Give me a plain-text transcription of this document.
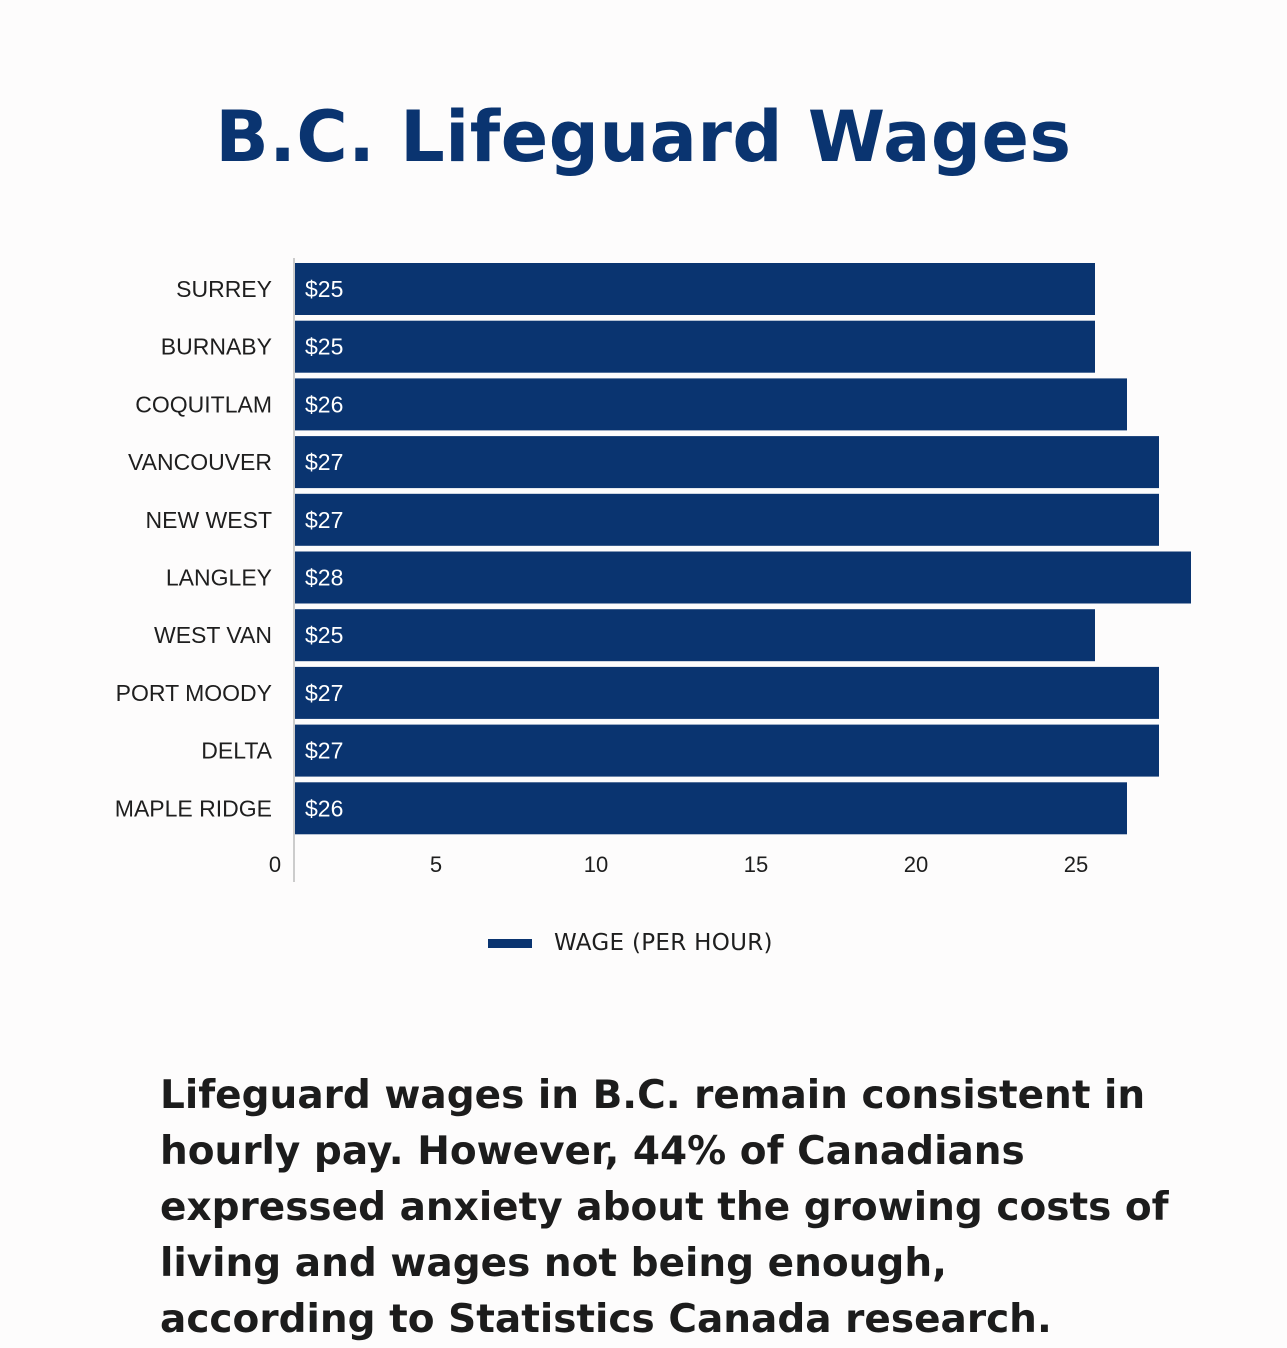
B.C. Lifeguard Wages
$25
$25
$26
$27
$27
$28
$25
$27
$27
$26
SURREY
BURNABY
COQUITLAM
VANCOUVER
NEW WEST
LANGLEY
WEST VAN
PORT MOODY
DELTA
MAPLE RIDGE
0	5	10	15	20	25
WAGE (PER HOUR)

Lifeguard wages in B.C. remain consistent in hourly pay. However, 44% of Canadians expressed anxiety about the growing costs of living and wages not being enough, according to Statistics Canada research.
